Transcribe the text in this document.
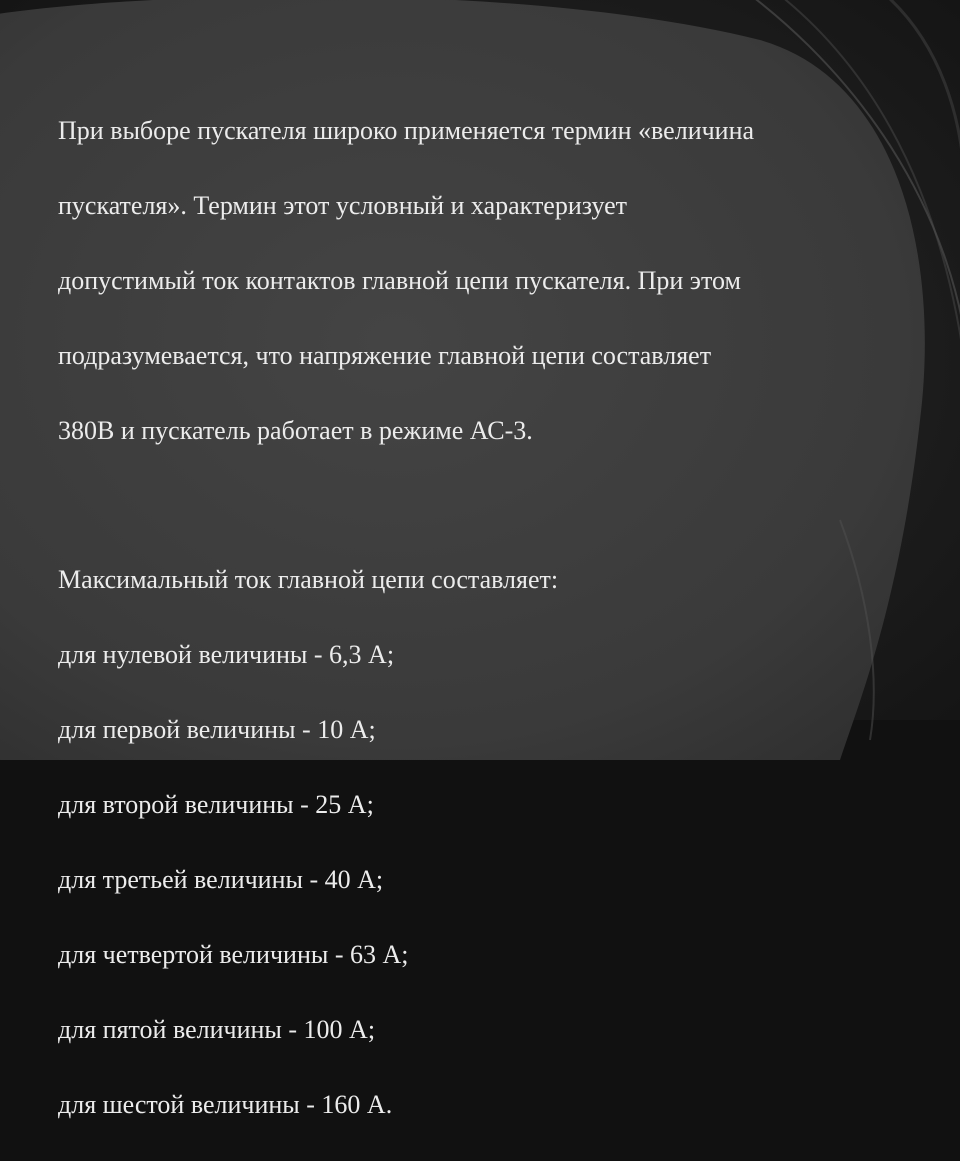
При выборе пускателя широко применяется термин «величина

пускателя». Термин этот условный и характеризует

допустимый ток контактов главной цепи пускателя. При этом

подразумевается, что напряжение главной цепи составляет

380В и пускатель работает в режиме АС-3.

Максимальный ток главной цепи составляет:

для нулевой величины - 6,3 А;

для первой величины - 10 А;

для второй величины - 25 А;

для третьей величины - 40 А;

для четвертой величины - 63 А;

для пятой величины - 100 А;

для шестой величины - 160 А.
